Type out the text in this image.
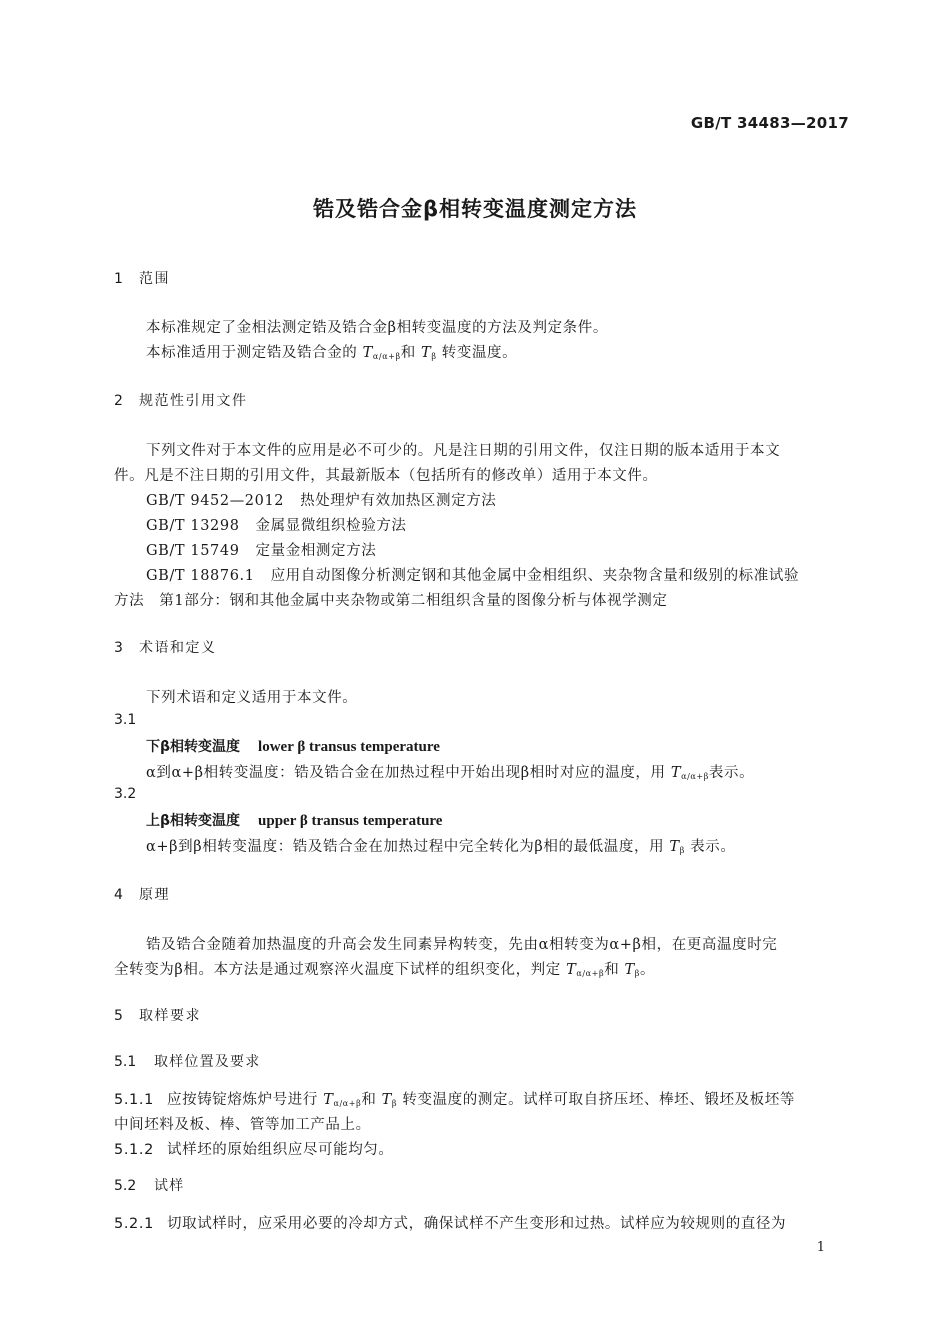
GB/T 34483—2017
锆及锆合金β相转变温度测定方法
1 范围
本标准规定了金相法测定锆及锆合金β相转变温度的方法及判定条件。
本标准适用于测定锆及锆合金的 $T_{\alpha/\alpha+\beta}$和 $T_\beta$ 转变温度。
2 规范性引用文件
下列文件对于本文件的应用是必不可少的。凡是注日期的引用文件，仅注日期的版本适用于本文
件。凡是不注日期的引用文件，其最新版本（包括所有的修改单）适用于本文件。
GB/T 9452—2012 热处理炉有效加热区测定方法
GB/T 13298 金属显微组织检验方法
GB/T 15749 定量金相测定方法
GB/T 18876.1 应用自动图像分析测定钢和其他金属中金相组织、夹杂物含量和级别的标准试验
方法　第1部分：钢和其他金属中夹杂物或第二相组织含量的图像分析与体视学测定
3 术语和定义
下列术语和定义适用于本文件。
3.1
下β相转变温度 lower β transus temperature
α到α+β相转变温度：锆及锆合金在加热过程中开始出现β相时对应的温度，用 $T_{\alpha/\alpha+\beta}$表示。
3.2
上β相转变温度 upper β transus temperature
α+β到β相转变温度：锆及锆合金在加热过程中完全转化为β相的最低温度，用 $T_\beta$ 表示。
4 原理
锆及锆合金随着加热温度的升高会发生同素异构转变，先由α相转变为α+β相，在更高温度时完
全转变为β相。本方法是通过观察淬火温度下试样的组织变化，判定 $T_{\alpha/\alpha+\beta}$和 $T_\beta$。
5 取样要求
5.1 取样位置及要求
5.1.1 应按铸锭熔炼炉号进行 $T_{\alpha/\alpha+\beta}$和 $T_\beta$ 转变温度的测定。试样可取自挤压坯、棒坯、锻坯及板坯等
中间坯料及板、棒、管等加工产品上。
5.1.2 试样坯的原始组织应尽可能均匀。
5.2 试样
5.2.1 切取试样时，应采用必要的冷却方式，确保试样不产生变形和过热。试样应为较规则的直径为
1
